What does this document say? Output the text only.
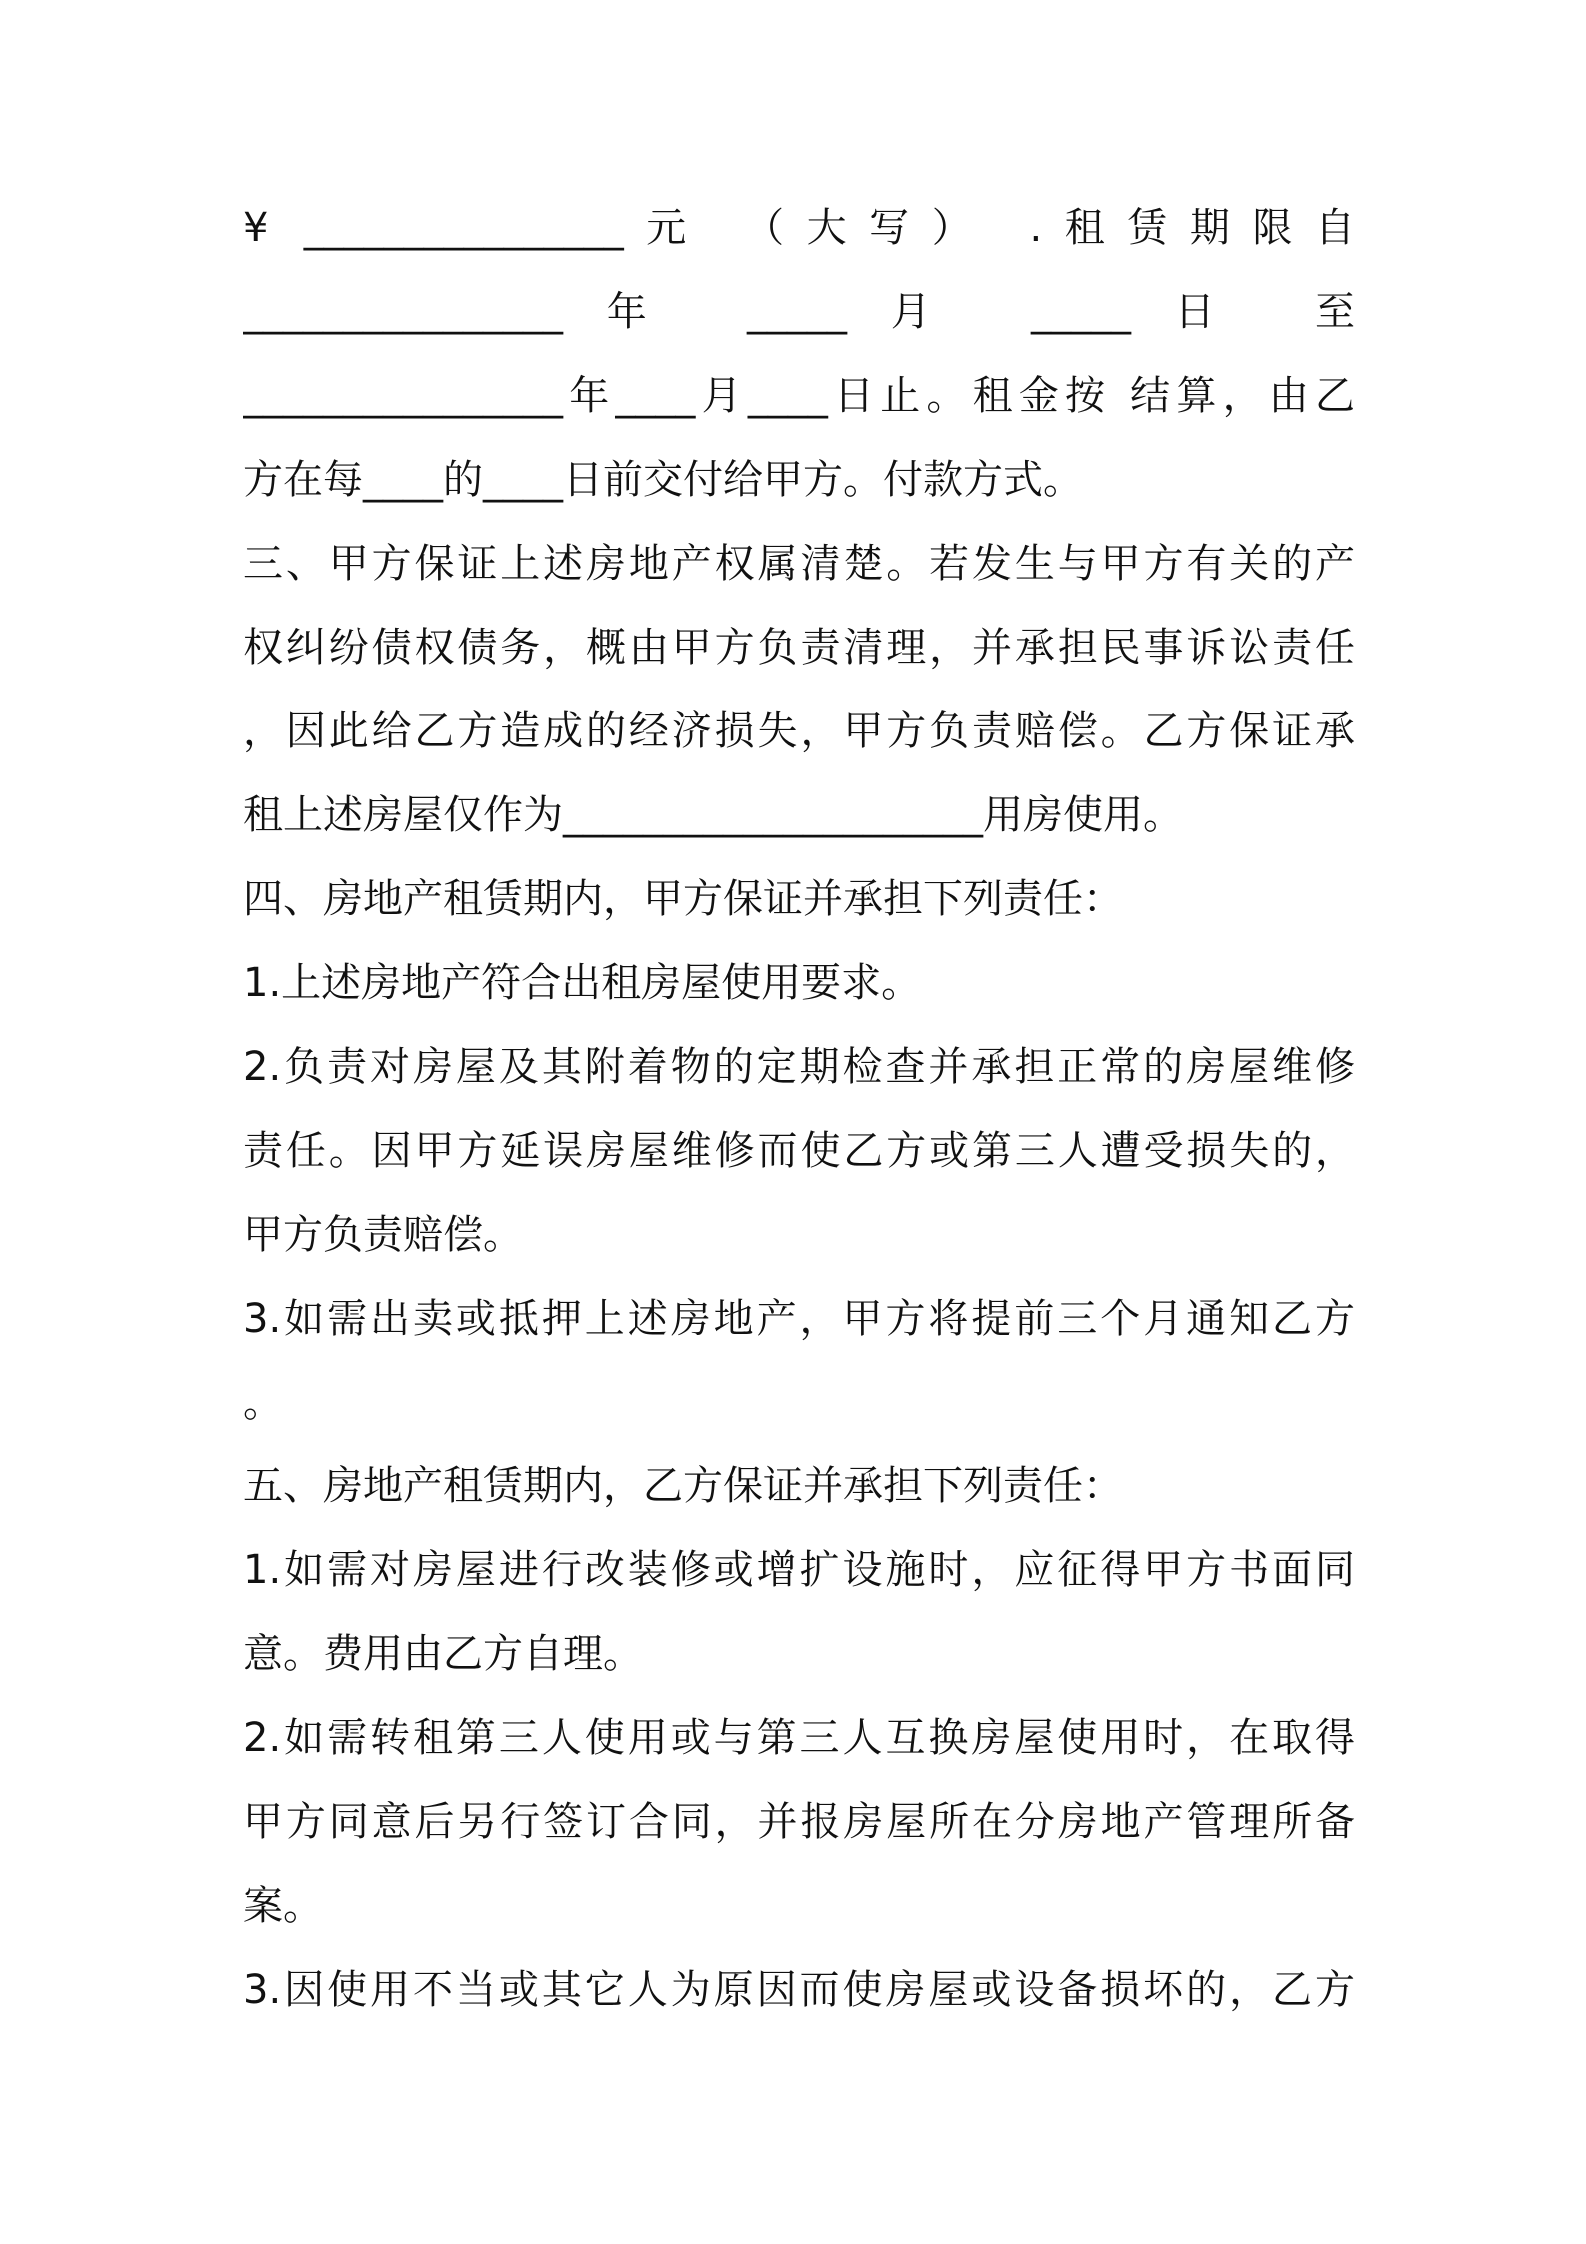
¥ ________________元 （大写） .租赁期限自
________________年 _____月 _____日 至
________________年____月____日止。租金按 结算，由乙
方在每____的____日前交付给甲方。付款方式。
三、甲方保证上述房地产权属清楚。若发生与甲方有关的产
权纠纷债权债务，概由甲方负责清理，并承担民事诉讼责任
，因此给乙方造成的经济损失，甲方负责赔偿。乙方保证承
租上述房屋仅作为_____________________用房使用。
四、房地产租赁期内，甲方保证并承担下列责任：
1.上述房地产符合出租房屋使用要求。
2.负责对房屋及其附着物的定期检查并承担正常的房屋维修
责任。因甲方延误房屋维修而使乙方或第三人遭受损失的，
甲方负责赔偿。
3.如需出卖或抵押上述房地产，甲方将提前三个月通知乙方
。
五、房地产租赁期内，乙方保证并承担下列责任：
1.如需对房屋进行改装修或增扩设施时，应征得甲方书面同
意。费用由乙方自理。
2.如需转租第三人使用或与第三人互换房屋使用时，在取得
甲方同意后另行签订合同，并报房屋所在分房地产管理所备
案。
3.因使用不当或其它人为原因而使房屋或设备损坏的，乙方
